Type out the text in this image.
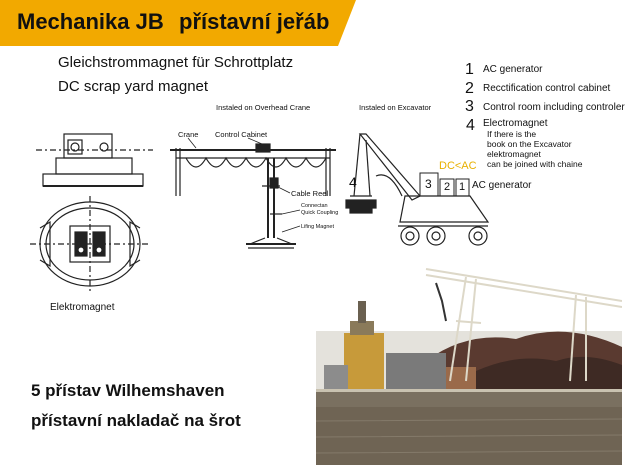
Mechanika JB přístavní jeřáb
Gleichstrommagnet für Schrottplatz
DC scrap yard magnet
Instaled on Overhead Crane	Instaled on Excavator
Crane Control Cabinet
Cable Reel
Connectan
Quick Coupling
Lifing Magnet
Elektromagnet
4	3 2 1
DC<AC
AC generator
1 AC generator
2 Recctification control cabinet
3 Control room including controler
4 Electromagnet
If there is the
book on the Excavator
elektromagnet
can be joined with chaine
5 přístav Wilhemshaven
přístavní nakladač na šrot
